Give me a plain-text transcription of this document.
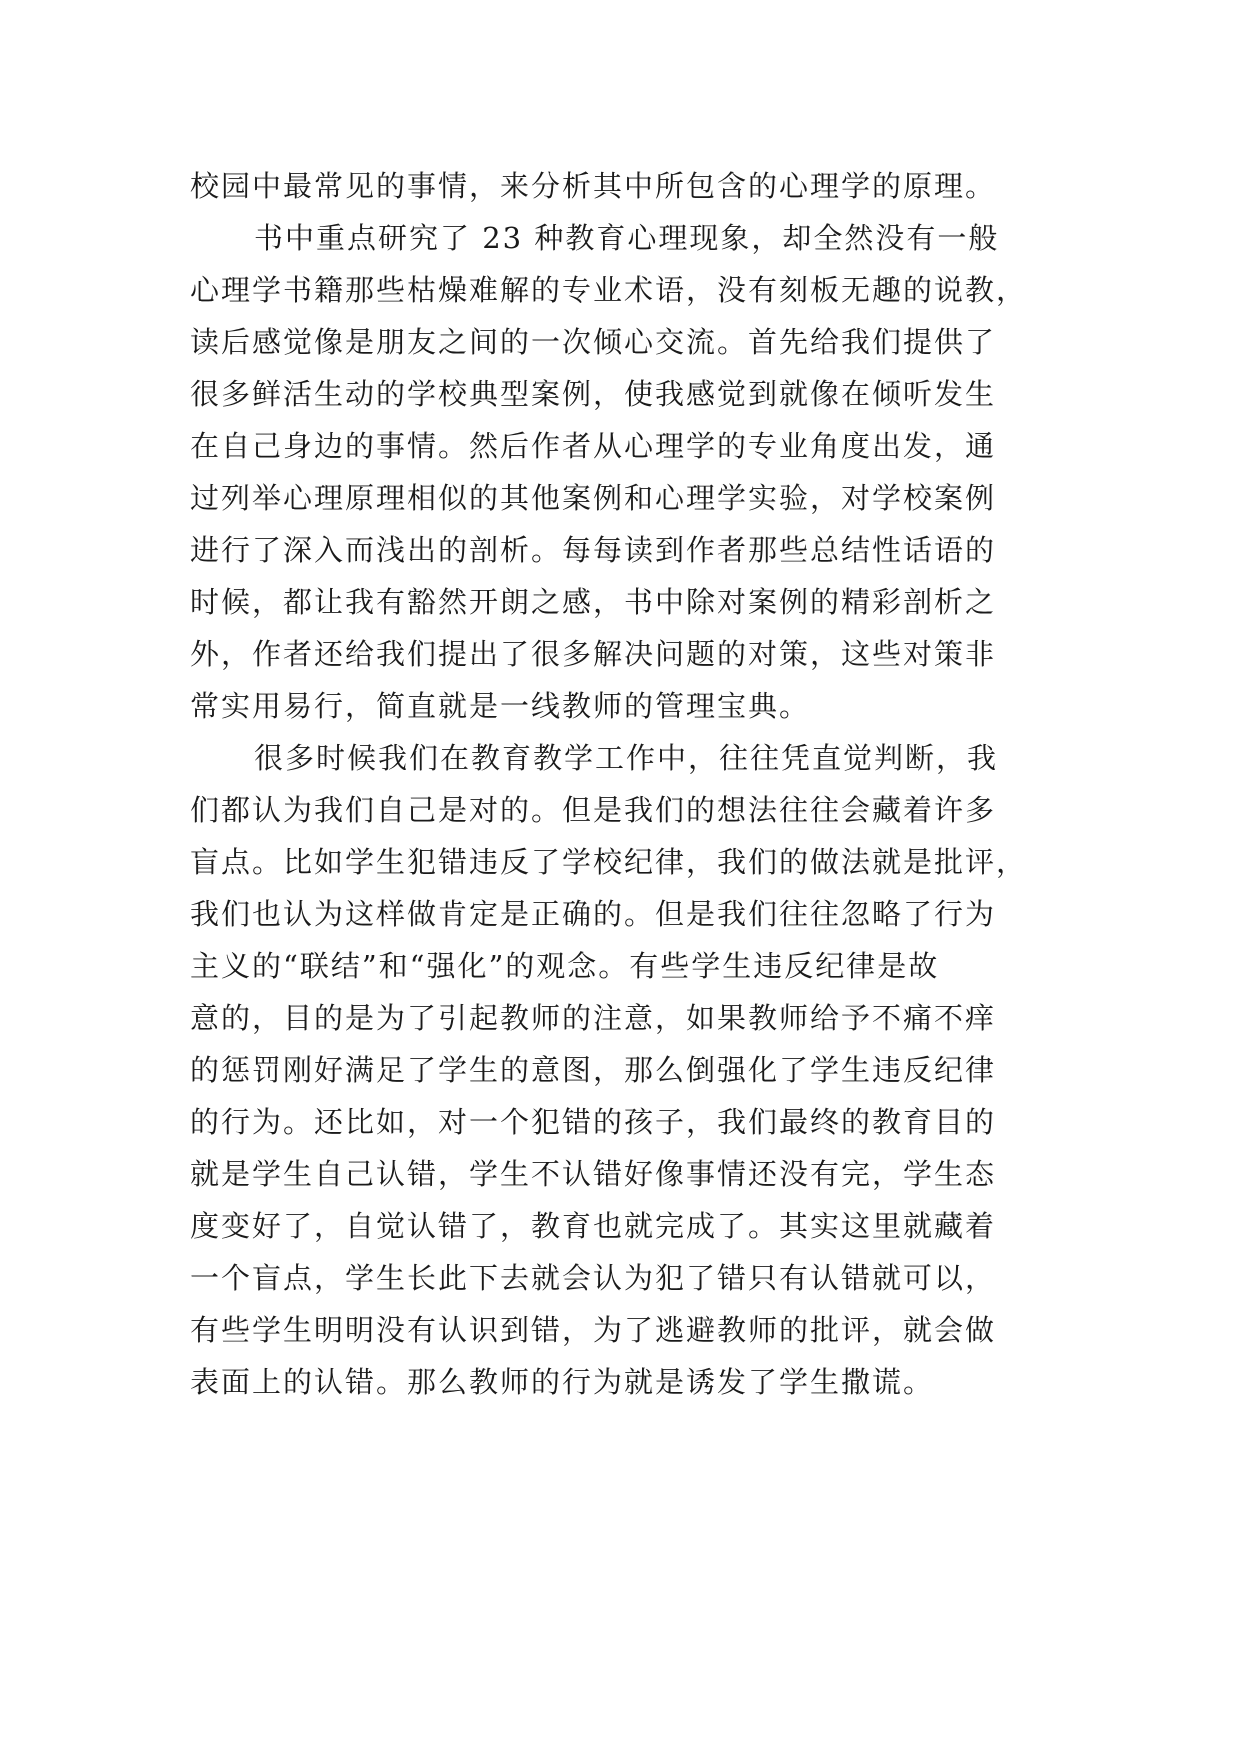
校园中最常见的事情，来分析其中所包含的心理学的原理。
书中重点研究了 23 种教育心理现象，却全然没有一般
心理学书籍那些枯燥难解的专业术语，没有刻板无趣的说教，
读后感觉像是朋友之间的一次倾心交流。首先给我们提供了
很多鲜活生动的学校典型案例，使我感觉到就像在倾听发生
在自己身边的事情。然后作者从心理学的专业角度出发，通
过列举心理原理相似的其他案例和心理学实验，对学校案例
进行了深入而浅出的剖析。每每读到作者那些总结性话语的
时候，都让我有豁然开朗之感，书中除对案例的精彩剖析之
外，作者还给我们提出了很多解决问题的对策，这些对策非
常实用易行，简直就是一线教师的管理宝典。
很多时候我们在教育教学工作中，往往凭直觉判断，我
们都认为我们自己是对的。但是我们的想法往往会藏着许多
盲点。比如学生犯错违反了学校纪律，我们的做法就是批评，
我们也认为这样做肯定是正确的。但是我们往往忽略了行为
主义的“联结”和“强化”的观念。有些学生违反纪律是故
意的，目的是为了引起教师的注意，如果教师给予不痛不痒
的惩罚刚好满足了学生的意图，那么倒强化了学生违反纪律
的行为。还比如，对一个犯错的孩子，我们最终的教育目的
就是学生自己认错，学生不认错好像事情还没有完，学生态
度变好了，自觉认错了，教育也就完成了。其实这里就藏着
一个盲点，学生长此下去就会认为犯了错只有认错就可以，
有些学生明明没有认识到错，为了逃避教师的批评，就会做
表面上的认错。那么教师的行为就是诱发了学生撒谎。
